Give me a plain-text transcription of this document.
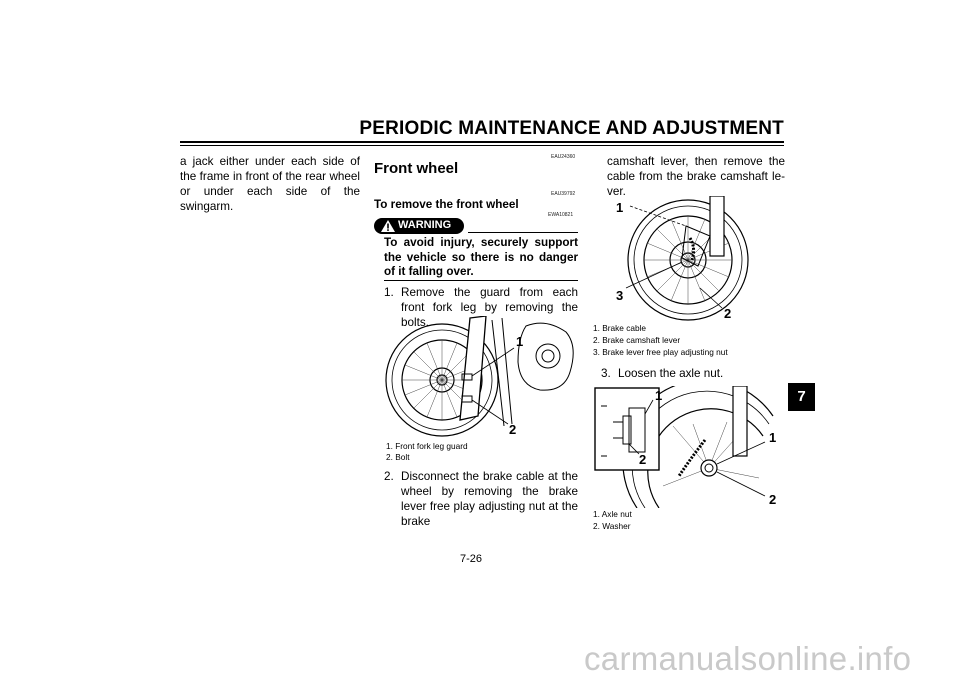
PERIODIC MAINTENANCE AND ADJUSTMENT
a jack either under each side of the frame in front of the rear wheel or under each side of the swingarm.
EAU24360
Front wheel
EAU39792
To remove the front wheel
EWA10821
WARNING
To avoid injury, securely support the vehicle so there is no danger of it falling over.
1. Remove the guard from each front fork leg by removing the bolts.
1
2
1. Front fork leg guard
2. Bolt
2. Disconnect the brake cable at the wheel by removing the brake lever free play adjusting nut at the brake
camshaft lever, then remove the cable from the brake camshaft le-ver.
1
3
2
1. Brake cable
2. Brake camshaft lever
3. Brake lever free play adjusting nut
3. Loosen the axle nut.
1
2
1
2
1. Axle nut
2. Washer
7
7-26
carmanualsonline.info
